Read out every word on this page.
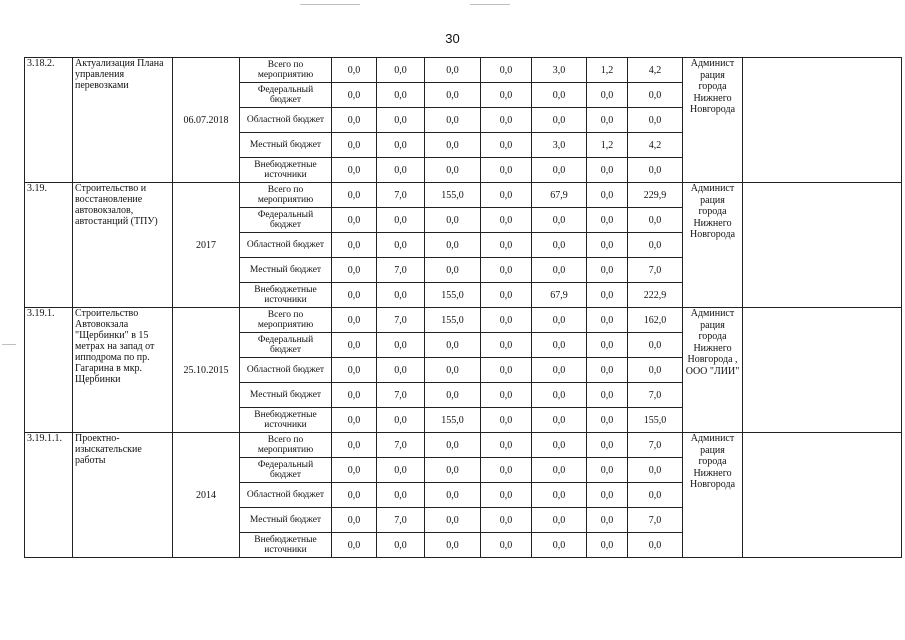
30
3.18.2.	Актуализация Плана управления перевозками	06.07.2018	Всего по мероприятию	0,0	0,0	0,0	0,0	3,0	1,2	4,2	Админист рация города Нижнего Новгорода	
			Федеральный бюджет	0,0	0,0	0,0	0,0	0,0	0,0	0,0		
			Областной бюджет	0,0	0,0	0,0	0,0	0,0	0,0	0,0		
			Местный бюджет	0,0	0,0	0,0	0,0	3,0	1,2	4,2		
			Внебюджетные источники	0,0	0,0	0,0	0,0	0,0	0,0	0,0		
3.19.	Строительство и восстановление автовокзалов, автостанций (ТПУ)	2017	Всего по мероприятию	0,0	7,0	155,0	0,0	67,9	0,0	229,9	Админист рация города Нижнего Новгорода	
			Федеральный бюджет	0,0	0,0	0,0	0,0	0,0	0,0	0,0		
			Областной бюджет	0,0	0,0	0,0	0,0	0,0	0,0	0,0		
			Местный бюджет	0,0	7,0	0,0	0,0	0,0	0,0	7,0		
			Внебюджетные источники	0,0	0,0	155,0	0,0	67,9	0,0	222,9		
3.19.1.	Строительство Автовокзала "Щербинки" в 15 метрах на запад от ипподрома по пр. Гагарина в мкр. Щербинки	25.10.2015	Всего по мероприятию	0,0	7,0	155,0	0,0	0,0	0,0	162,0	Админист рация города Нижнего Новгорода , ООО "ЛИИ"	
			Федеральный бюджет	0,0	0,0	0,0	0,0	0,0	0,0	0,0		
			Областной бюджет	0,0	0,0	0,0	0,0	0,0	0,0	0,0		
			Местный бюджет	0,0	7,0	0,0	0,0	0,0	0,0	7,0		
			Внебюджетные источники	0,0	0,0	155,0	0,0	0,0	0,0	155,0		
3.19.1.1.	Проектно-изыскательские работы	2014	Всего по мероприятию	0,0	7,0	0,0	0,0	0,0	0,0	7,0	Админист рация города Нижнего Новгорода	
			Федеральный бюджет	0,0	0,0	0,0	0,0	0,0	0,0	0,0		
			Областной бюджет	0,0	0,0	0,0	0,0	0,0	0,0	0,0		
			Местный бюджет	0,0	7,0	0,0	0,0	0,0	0,0	7,0		
			Внебюджетные источники	0,0	0,0	0,0	0,0	0,0	0,0	0,0		
